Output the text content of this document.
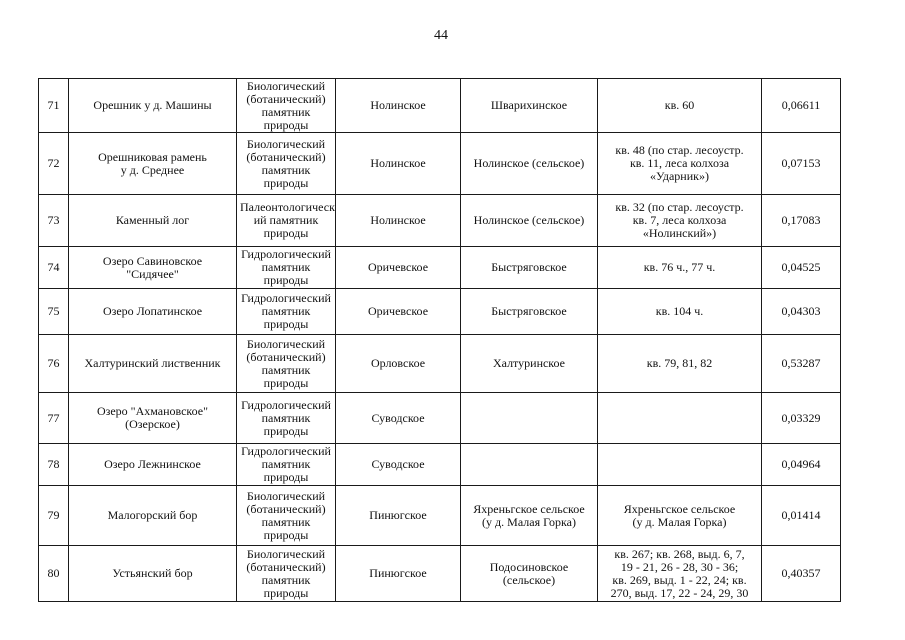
44
71	Орешник у д. Машины	Биологический
(ботанический)
памятник
природы	Нолинское	Шварихинское	кв. 60	0,06611
72	Орешниковая рамень
у д. Среднее	Биологический
(ботанический)
памятник
природы	Нолинское	Нолинское (сельское)	кв. 48 (по стар. лесоустр.
кв. 11, леса колхоза
«Ударник»)	0,07153
73	Каменный лог	Палеонтологическ
ий памятник
природы	Нолинское	Нолинское (сельское)	кв. 32 (по стар. лесоустр.
кв. 7, леса колхоза
«Нолинский»)	0,17083
74	Озеро Савиновское
"Сидячее"	Гидрологический
памятник
природы	Оричевское	Быстряговское	кв. 76 ч., 77 ч.	0,04525
75	Озеро Лопатинское	Гидрологический
памятник
природы	Оричевское	Быстряговское	кв. 104 ч.	0,04303
76	Халтуринский лиственник	Биологический
(ботанический)
памятник
природы	Орловское	Халтуринское	кв. 79, 81, 82	0,53287
77	Озеро "Ахмановское"
(Озерское)	Гидрологический
памятник
природы	Суводское			0,03329
78	Озеро Лежнинское	Гидрологический
памятник
природы	Суводское			0,04964
79	Малогорский бор	Биологический
(ботанический)
памятник
природы	Пинюгское	Яхреньгское сельское
(у д. Малая Горка)	Яхреньгское сельское
(у д. Малая Горка)	0,01414
80	Устьянский бор	Биологический
(ботанический)
памятник
природы	Пинюгское	Подосиновское
(сельское)	кв. 267; кв. 268, выд. 6, 7,
19 - 21, 26 - 28, 30 - 36;
кв. 269, выд. 1 - 22, 24; кв.
270, выд. 17, 22 - 24, 29, 30	0,40357
